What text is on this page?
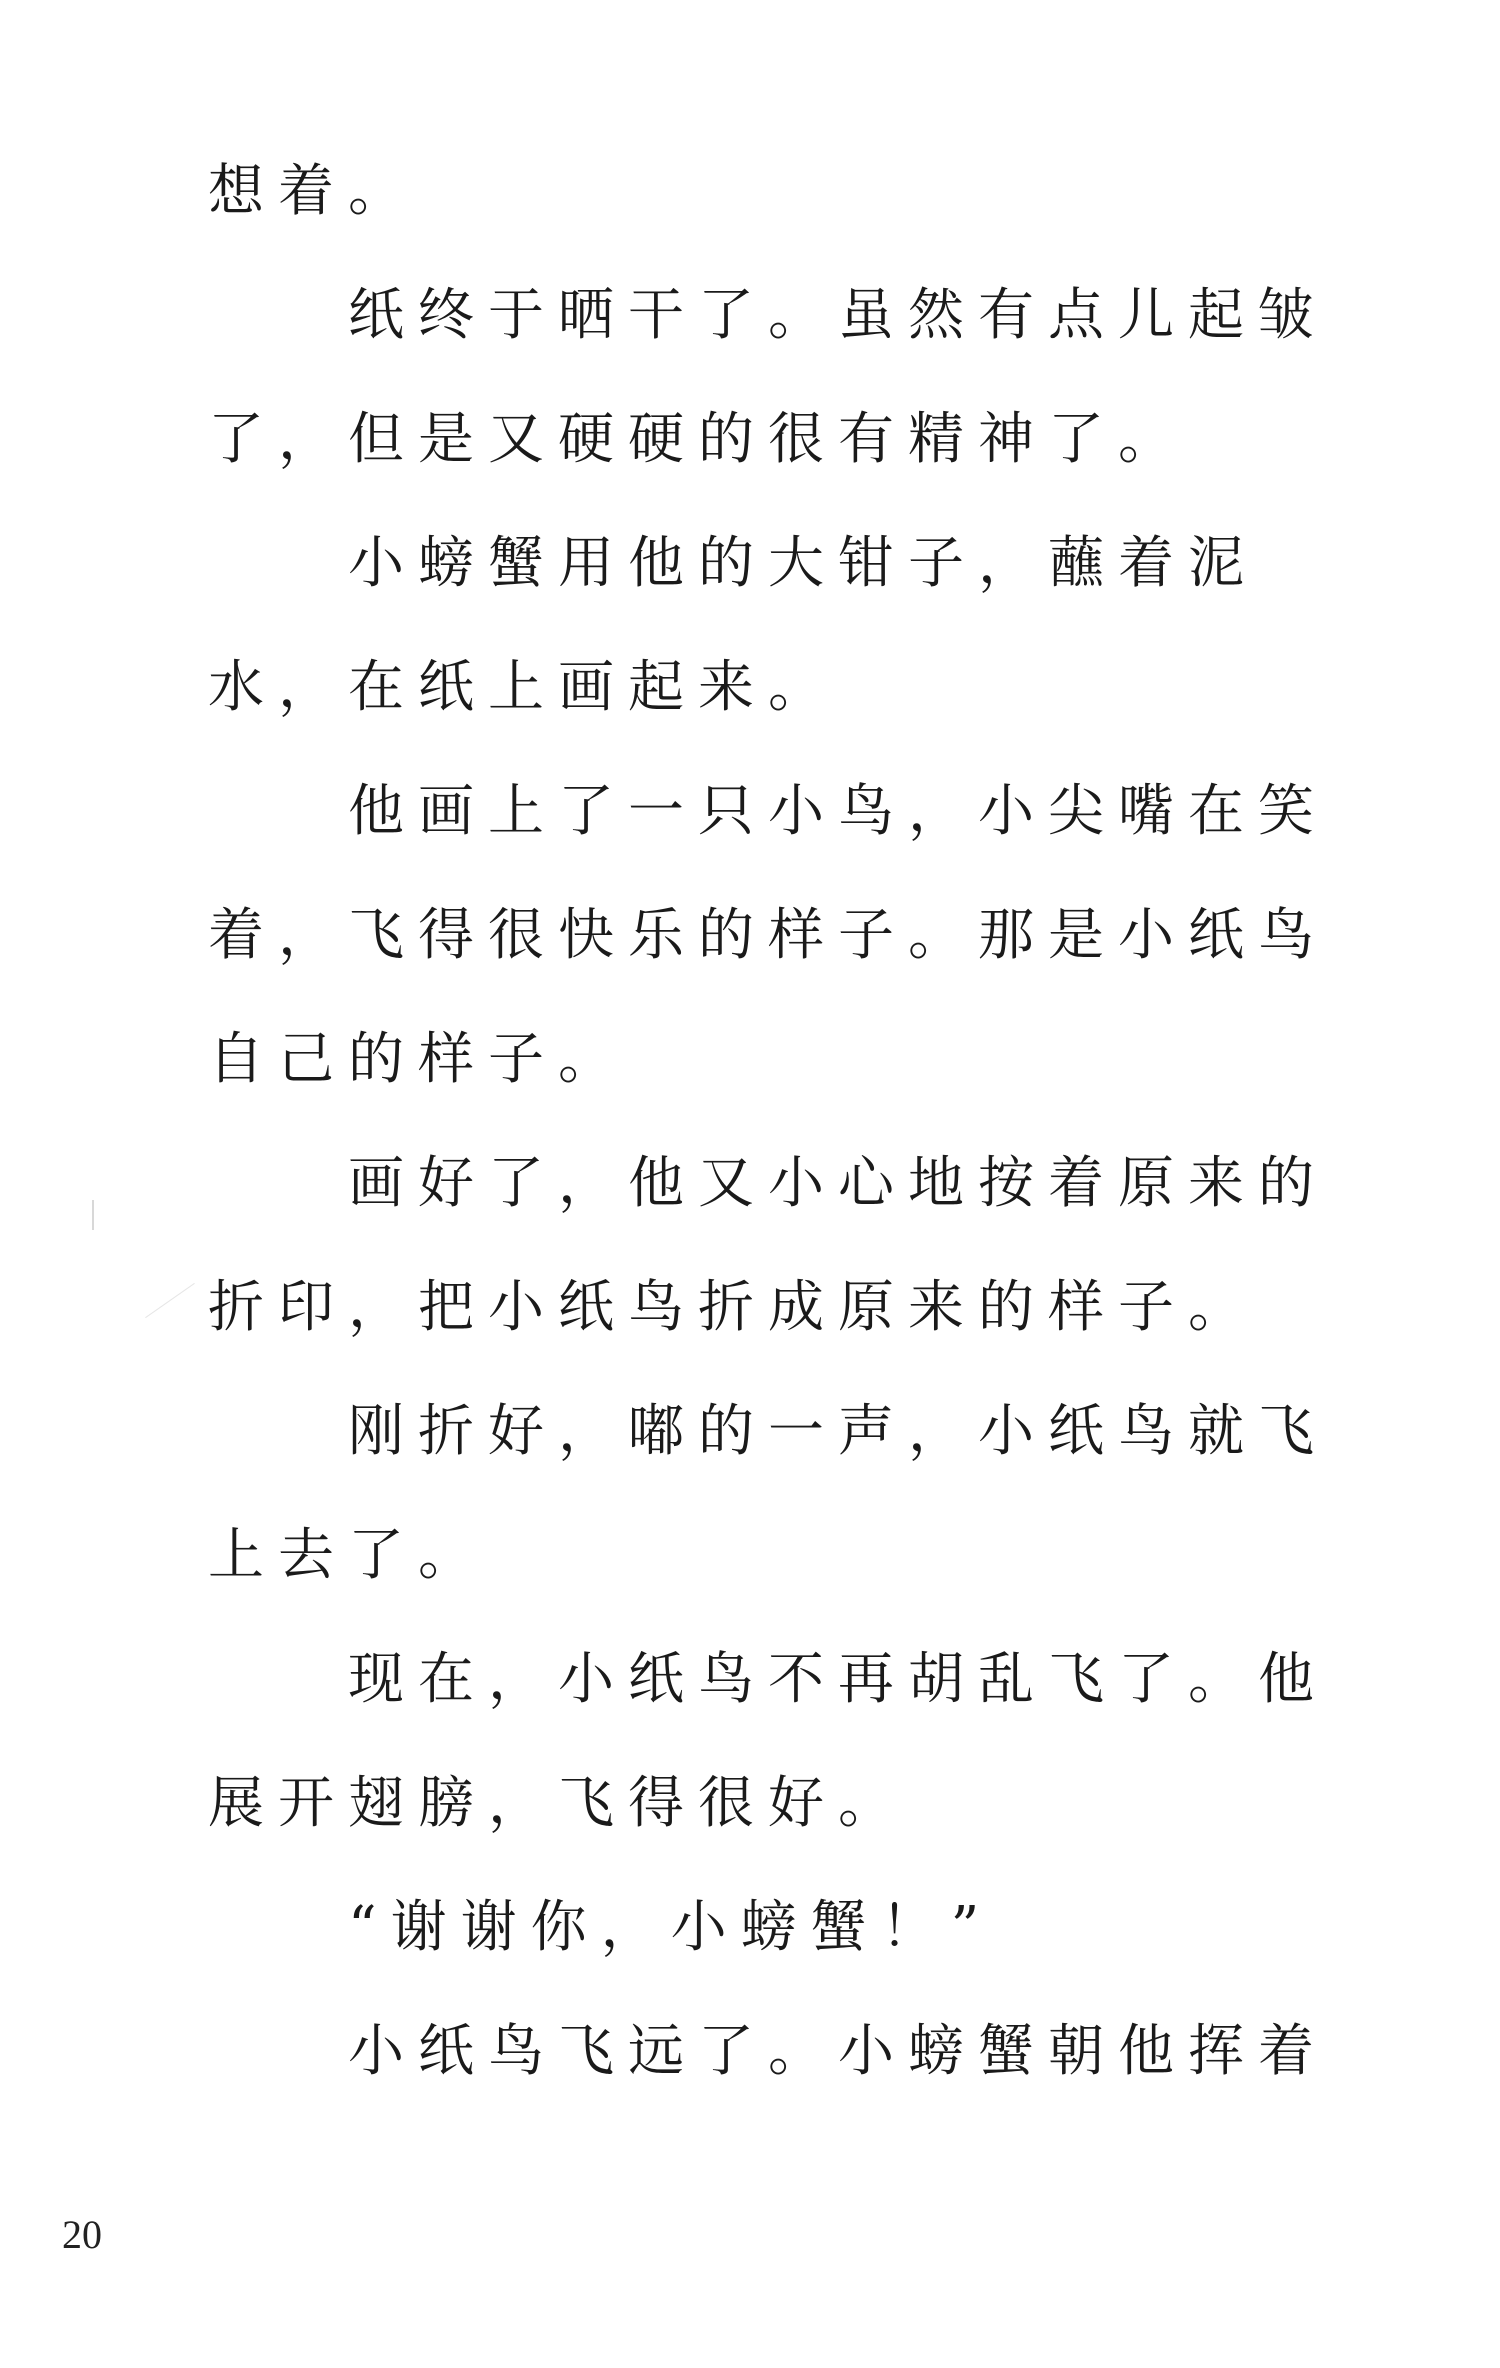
想着。
纸终于晒干了。虽然有点儿起皱
了，但是又硬硬的很有精神了。
小螃蟹用他的大钳子，蘸着泥
水，在纸上画起来。
他画上了一只小鸟，小尖嘴在笑
着，飞得很快乐的样子。那是小纸鸟
自己的样子。
画好了，他又小心地按着原来的
折印，把小纸鸟折成原来的样子。
刚折好，嘟的一声，小纸鸟就飞
上去了。
现在，小纸鸟不再胡乱飞了。他
展开翅膀，飞得很好。
“谢谢你，小螃蟹！”
小纸鸟飞远了。小螃蟹朝他挥着
20
